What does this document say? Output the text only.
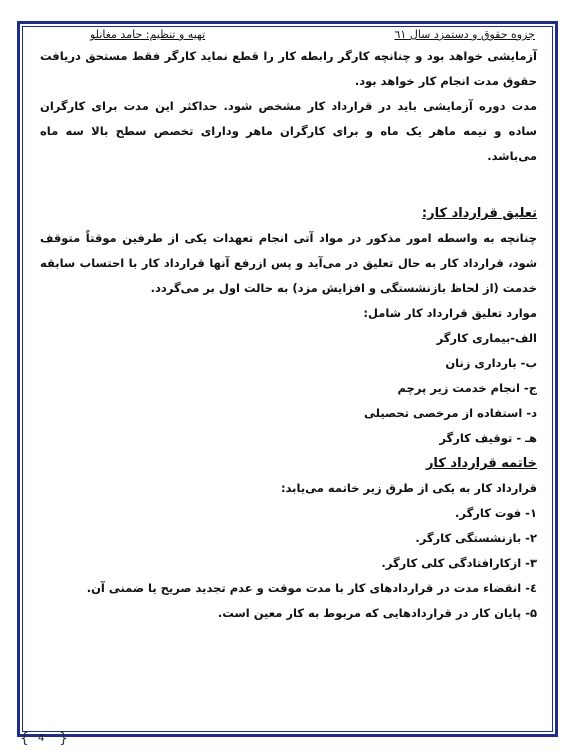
جزوه حقوق و دستمزد سال ٦١
تهیه و تنظیم: حامد مغانلو

آزمایشی خواهد بود و چنانچه کارگر رابطه کار را قطع نماید کارگر فقط مستحق دریافت حقوق مدت انجام کار خواهد بود.

مدت دوره آزمایشی باید در قرارداد کار مشخص شود. حداکثر این مدت برای کارگران ساده و نیمه ماهر یک ماه و برای کارگران ماهر ودارای تخصص سطح بالا سه ماه می‌باشد.

تعلیق قرارداد کار:

چنانچه به واسطه امور مذکور در مواد آتی انجام تعهدات یکی از طرفین موقتاً متوقف شود، قرارداد کار به حال تعلیق در می‌آید و پس ازرفع آنها قرارداد کار با احتساب سابقه خدمت (از لحاظ بازنشستگی و افزایش مزد) به حالت اول بر می‌گردد.

موارد تعلیق قرارداد کار شامل:

الف-بیماری کارگر

ب- بارداری زنان

ج- انجام خدمت زیر پرچم

د- استفاده از مرخصی تحصیلی

هـ - توقیف کارگر

خاتمه قرارداد کار

قرارداد کار به یکی از طرق زیر خاتمه می‌یابد:

۱- فوت کارگر.

۲- بازنشستگی کارگر.

۳- ازکارافتادگی کلی کارگر.

٤- انقضاء مدت در قراردادهای کار با مدت موقت و عدم تجدید صریح یا ضمنی آن.

۵- پایان کار در قراردادهایی که مربوط به کار معین است.

{ 4 }
